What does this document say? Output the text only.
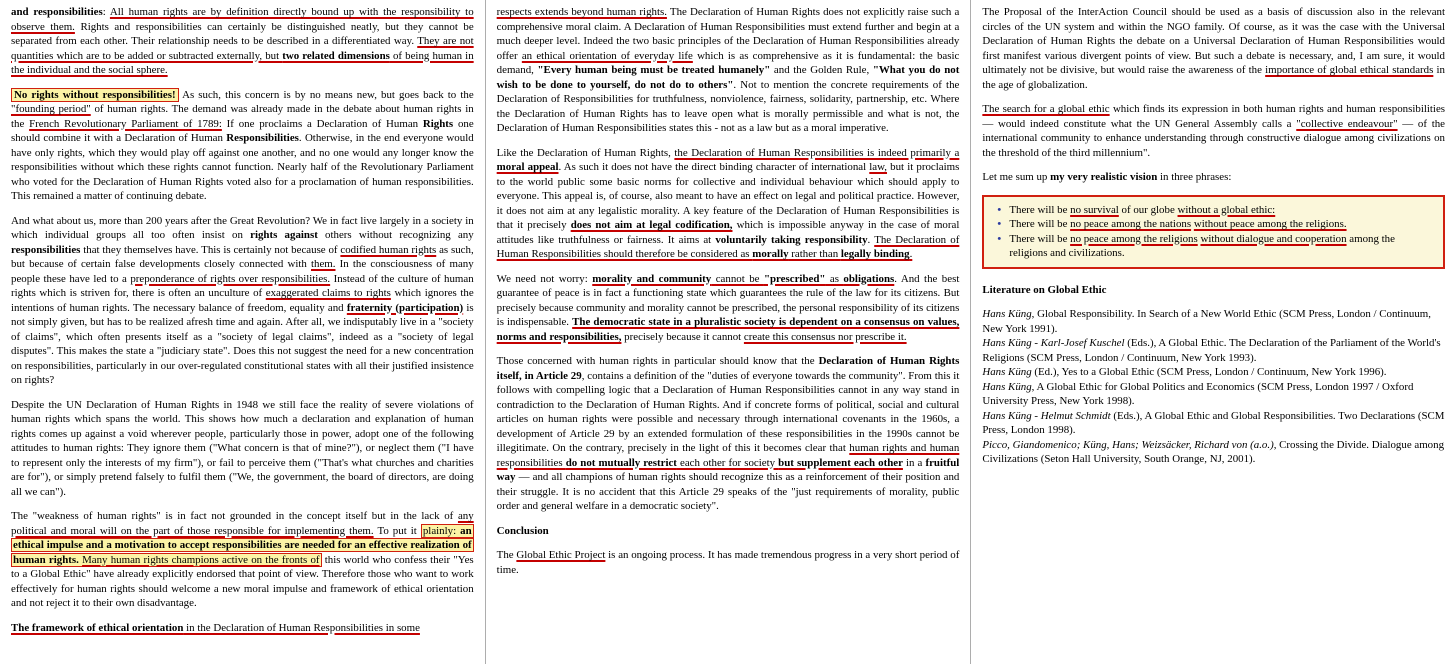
and responsibilities: All human rights are by definition directly bound up with the responsibility to observe them. Rights and responsibilities can certainly be distinguished neatly, but they cannot be separated from each other. Their relationship needs to be described in a differentiated way. They are not quantities which are to be added or subtracted externally, but two related dimensions of being human in the individual and the social sphere.

No rights without responsibilities! As such, this concern is by no means new, but goes back to the "founding period" of human rights. The demand was already made in the debate about human rights in the French Revolutionary Parliament of 1789: If one proclaims a Declaration of Human Rights one should combine it with a Declaration of Human Responsibilities. Otherwise, in the end everyone would have only rights, which they would play off against one another, and no one would any longer know the responsibilities without which these rights cannot function. Nearly half of the Revolutionary Parliament who voted for the Declaration of Human Rights voted also for a proclamation of human responsibilities. This remained a matter of continuing debate.

And what about us, more than 200 years after the Great Revolution? We in fact live largely in a society in which individual groups all too often insist on rights against others without recognizing any responsibilities that they themselves have. This is certainly not because of codified human rights as such, but because of certain false developments closely connected with them. In the consciousness of many people these have led to a preponderance of rights over responsibilities. Instead of the culture of human rights which is striven for, there is often an unculture of exaggerated claims to rights which ignores the intentions of human rights. The necessary balance of freedom, equality and fraternity (participation) is not simply given, but has to be realized afresh time and again. After all, we indisputably live in a "society of claims", which often presents itself as a "society of legal claims", indeed as a "society of legal disputes". This makes the state a "judiciary state". Does this not suggest the need for a new concentration on responsibilities, particularly in our over-regulated constitutional states with all their justified insistence on rights?

Despite the UN Declaration of Human Rights in 1948 we still face the reality of severe violations of human rights which spans the world. This shows how much a declaration and explanation of human rights comes up against a void wherever people, particularly those in power, adopt one of the following attitudes to human rights: They ignore them ("What concern is that of mine?"), or neglect them ("I have to represent only the interests of my firm"), or fail to perceive them ("That's what churches and charities are for"), or simply pretend falsely to fulfil them ("We, the government, the board of directors, are doing all we can").

The "weakness of human rights" is in fact not grounded in the concept itself but in the lack of any political and moral will on the part of those responsible for implementing them. To put it plainly: an ethical impulse and a motivation to accept responsibilities are needed for an effective realization of human rights. Many human rights champions active on the fronts of this world who confess their "Yes to a Global Ethic" have already explicitly endorsed that point of view. Therefore those who want to work effectively for human rights should welcome a new moral impulse and framework of ethical orientation and not reject it to their own disadvantage.

The framework of ethical orientation in the Declaration of Human Responsibilities in some

respects extends beyond human rights. The Declaration of Human Rights does not explicitly raise such a comprehensive moral claim. A Declaration of Human Responsibilities must extend further and begin at a much deeper level. Indeed the two basic principles of the Declaration of Human Responsibilities already offer an ethical orientation of everyday life which is as comprehensive as it is fundamental: the basic demand, "Every human being must be treated humanely" and the Golden Rule, "What you do not wish to be done to yourself, do not do to others". Not to mention the concrete requirements of the Declaration of Responsibilities for truthfulness, nonviolence, fairness, solidarity, partnership, etc. Where the Declaration of Human Rights has to leave open what is morally permissible and what is not, the Declaration of Human Responsibilities states this - not as a law but as a moral imperative.

Like the Declaration of Human Rights, the Declaration of Human Responsibilities is indeed primarily a moral appeal. As such it does not have the direct binding character of international law, but it proclaims to the world public some basic norms for collective and individual behaviour which should apply to everyone. This appeal is, of course, also meant to have an effect on legal and political practice. However, it does not aim at any legalistic morality. A key feature of the Declaration of Human Responsibilities is that it precisely does not aim at legal codification, which is impossible anyway in the case of moral attitudes like truthfulness or fairness. It aims at voluntarily taking responsibility. The Declaration of Human Responsibilities should therefore be considered as morally rather than legally binding.

We need not worry: morality and community cannot be "prescribed" as obligations. And the best guarantee of peace is in fact a functioning state which guarantees the rule of the law for its citizens. But precisely because community and morality cannot be prescribed, the personal responsibility of its citizens is indispensable. The democratic state in a pluralistic society is dependent on a consensus on values, norms and responsibilities, precisely because it cannot create this consensus nor prescribe it.

Those concerned with human rights in particular should know that the Declaration of Human Rights itself, in Article 29, contains a definition of the "duties of everyone towards the community". From this it follows with compelling logic that a Declaration of Human Responsibilities cannot in any way stand in contradiction to the Declaration of Human Rights. And if concrete forms of political, social and cultural articles on human rights were possible and necessary through international covenants in the 1960s, a development of Article 29 by an extended formulation of these responsibilities in the 1990s cannot be illegitimate. On the contrary, precisely in the light of this it becomes clear that human rights and human responsibilities do not mutually restrict each other for society but supplement each other in a fruitful way — and all champions of human rights should recognize this as a reinforcement of their position and their struggle. It is no accident that this Article 29 speaks of the "just requirements of morality, public order and general welfare in a democratic society".

Conclusion

The Global Ethic Project is an ongoing process. It has made tremendous progress in a very short period of time.

The Proposal of the InterAction Council should be used as a basis of discussion also in the relevant circles of the UN system and within the NGO family. Of course, as it was the case with the Universal Declaration of Human Rights the debate on a Universal Declaration of Human Responsibilities would first manifest various divergent points of view. But such a debate is necessary, and, I am sure, it would ultimately not be divisive, but would raise the awareness of the importance of global ethical standards in the age of globalization.

The search for a global ethic which finds its expression in both human rights and human responsibilities — would indeed constitute what the UN General Assembly calls a "collective endeavour" — of the international community to enhance understanding through constructive dialogue among civilizations on the threshold of the third millennium".

Let me sum up my very realistic vision in three phrases:

• There will be no survival of our globe without a global ethic:
• There will be no peace among the nations without peace among the religions.
• There will be no peace among the religions without dialogue and cooperation among the religions and civilizations.

Literature on Global Ethic

Hans Küng, Global Responsibility. In Search of a New World Ethic (SCM Press, London / Continuum, New York 1991).

Hans Küng - Karl-Josef Kuschel (Eds.), A Global Ethic. The Declaration of the Parliament of the World's Religions (SCM Press, London / Continuum, New York 1993).

Hans Küng (Ed.), Yes to a Global Ethic (SCM Press, London / Continuum, New York 1996).

Hans Küng, A Global Ethic for Global Politics and Economics (SCM Press, London 1997 / Oxford University Press, New York 1998).

Hans Küng - Helmut Schmidt (Eds.), A Global Ethic and Global Responsibilities. Two Declarations (SCM Press, London 1998).

Picco, Giandomenico; Küng, Hans; Weizsäcker, Richard von (a.o.), Crossing the Divide. Dialogue among Civilizations (Seton Hall University, South Orange, NJ, 2001).
